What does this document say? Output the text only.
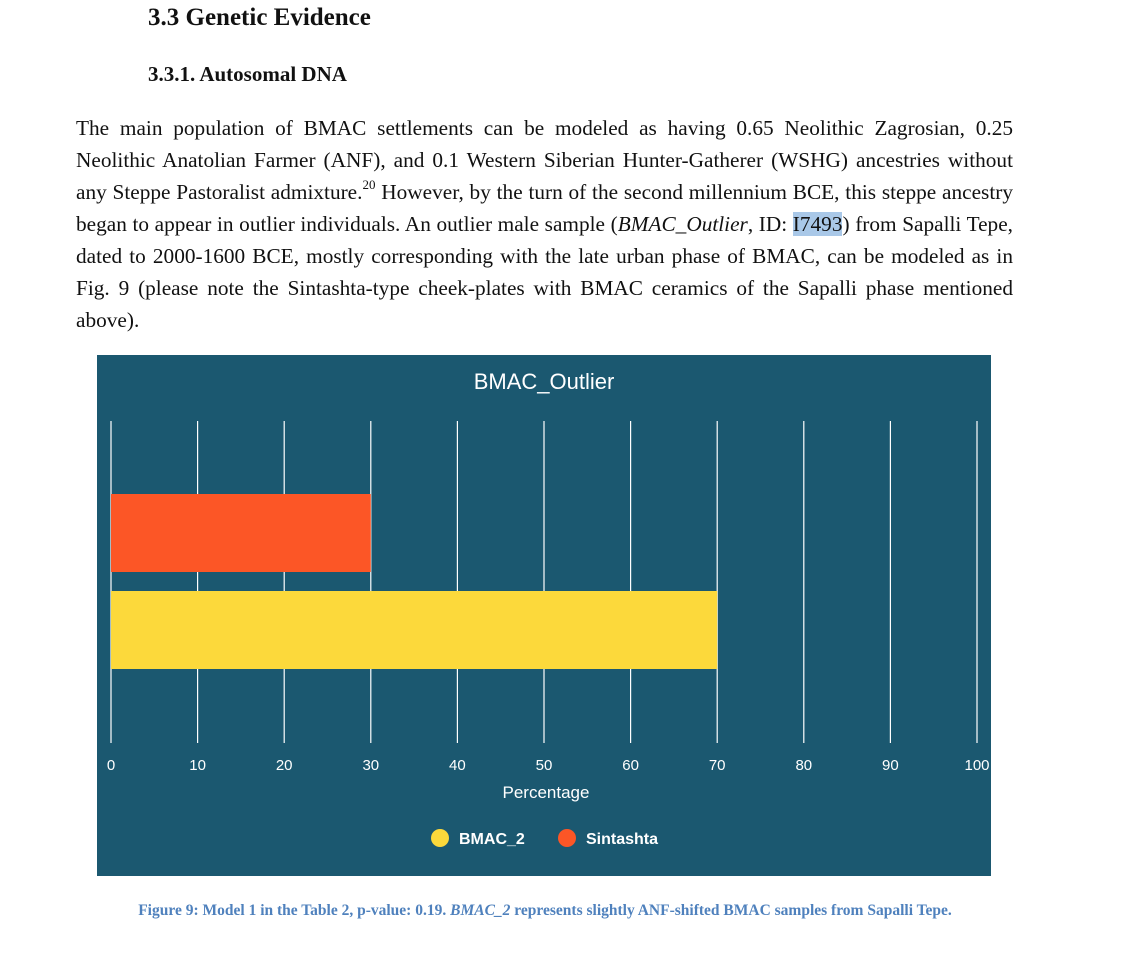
3.3 Genetic Evidence
3.3.1. Autosomal DNA

The main population of BMAC settlements can be modeled as having 0.65 Neolithic Zagrosian, 0.25 Neolithic Anatolian Farmer (ANF), and 0.1 Western Siberian Hunter-Gatherer (WSHG) ancestries without any Steppe Pastoralist admixture.$^{20}$ However, by the turn of the second millennium BCE, this steppe ancestry began to appear in outlier individuals. An outlier male sample (BMAC_Outlier, ID: I7493) from Sapalli Tepe, dated to 2000-1600 BCE, mostly corresponding with the late urban phase of BMAC, can be modeled as in Fig. 9 (please note the Sintashta-type cheek-plates with BMAC ceramics of the Sapalli phase mentioned above).

BMAC_Outlier
0	10	20	30	40	50	60	70	80	90	100
Percentage
BMAC_2	Sintashta

Figure 9: Model 1 in the Table 2, p-value: 0.19. BMAC_2 represents slightly ANF-shifted BMAC samples from Sapalli Tepe.
